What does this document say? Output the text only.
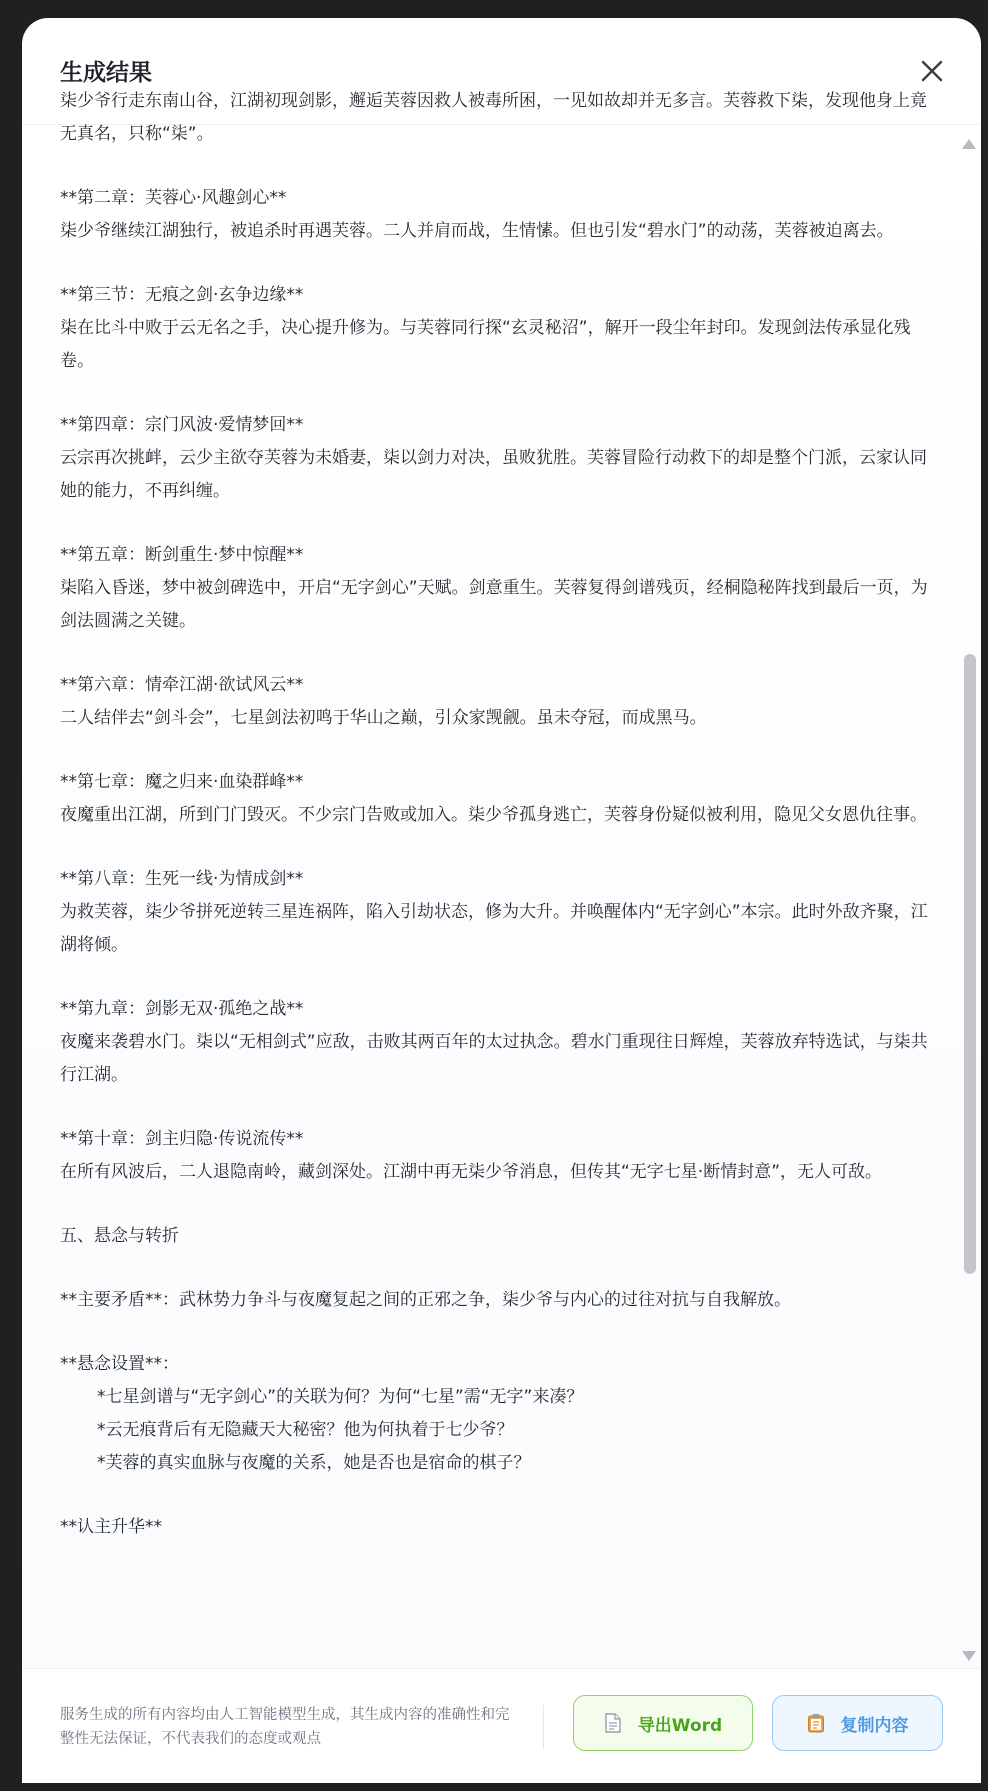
生成结果

柒少爷行走东南山谷，江湖初现剑影，邂逅芙蓉因救人被毒所困，一见如故却并无多言。芙蓉救下柒，发现他身上竟无真名，只称“柒”。

**第二章：芙蓉心·风趣剑心**

柒少爷继续江湖独行，被追杀时再遇芙蓉。二人并肩而战，生情愫。但也引发“碧水门”的动荡，芙蓉被迫离去。

**第三节：无痕之剑·玄争边缘**

柒在比斗中败于云无名之手，决心提升修为。与芙蓉同行探“玄灵秘沼”，解开一段尘年封印。发现剑法传承显化残卷。

**第四章：宗门风波·爱情梦回**

云宗再次挑衅，云少主欲夺芙蓉为未婚妻，柒以剑力对决，虽败犹胜。芙蓉冒险行动救下的却是整个门派，云家认同她的能力，不再纠缠。

**第五章：断剑重生·梦中惊醒**

柒陷入昏迷，梦中被剑碑选中，开启“无字剑心”天赋。剑意重生。芙蓉复得剑谱残页，经桐隐秘阵找到最后一页，为剑法圆满之关键。

**第六章：情牵江湖·欲试风云**

二人结伴去“剑斗会”，七星剑法初鸣于华山之巅，引众家觊觎。虽未夺冠，而成黑马。

**第七章：魔之归来·血染群峰**

夜魔重出江湖，所到门门毁灭。不少宗门告败或加入。柒少爷孤身逃亡，芙蓉身份疑似被利用，隐见父女恩仇往事。

**第八章：生死一线·为情成剑**

为救芙蓉，柒少爷拼死逆转三星连祸阵，陷入引劫状态，修为大升。并唤醒体内“无字剑心”本宗。此时外敌齐聚，江湖将倾。

**第九章：剑影无双·孤绝之战**

夜魔来袭碧水门。柒以“无相剑式”应敌，击败其两百年的太过执念。碧水门重现往日辉煌，芙蓉放弃特选试，与柒共行江湖。

**第十章：剑主归隐·传说流传**

在所有风波后，二人退隐南岭，藏剑深处。江湖中再无柒少爷消息，但传其“无字七星·断情封意”，无人可敌。

五、悬念与转折

**主要矛盾**：武林势力争斗与夜魔复起之间的正邪之争，柒少爷与内心的过往对抗与自我解放。

**悬念设置**：

*七星剑谱与“无字剑心”的关联为何？为何“七星”需“无字”来凑？

*云无痕背后有无隐藏天大秘密？他为何执着于七少爷？

*芙蓉的真实血脉与夜魔的关系，她是否也是宿命的棋子？

**认主升华**

服务生成的所有内容均由人工智能模型生成，其生成内容的准确性和完整性无法保证，不代表我们的态度或观点
导出Word	复制内容
